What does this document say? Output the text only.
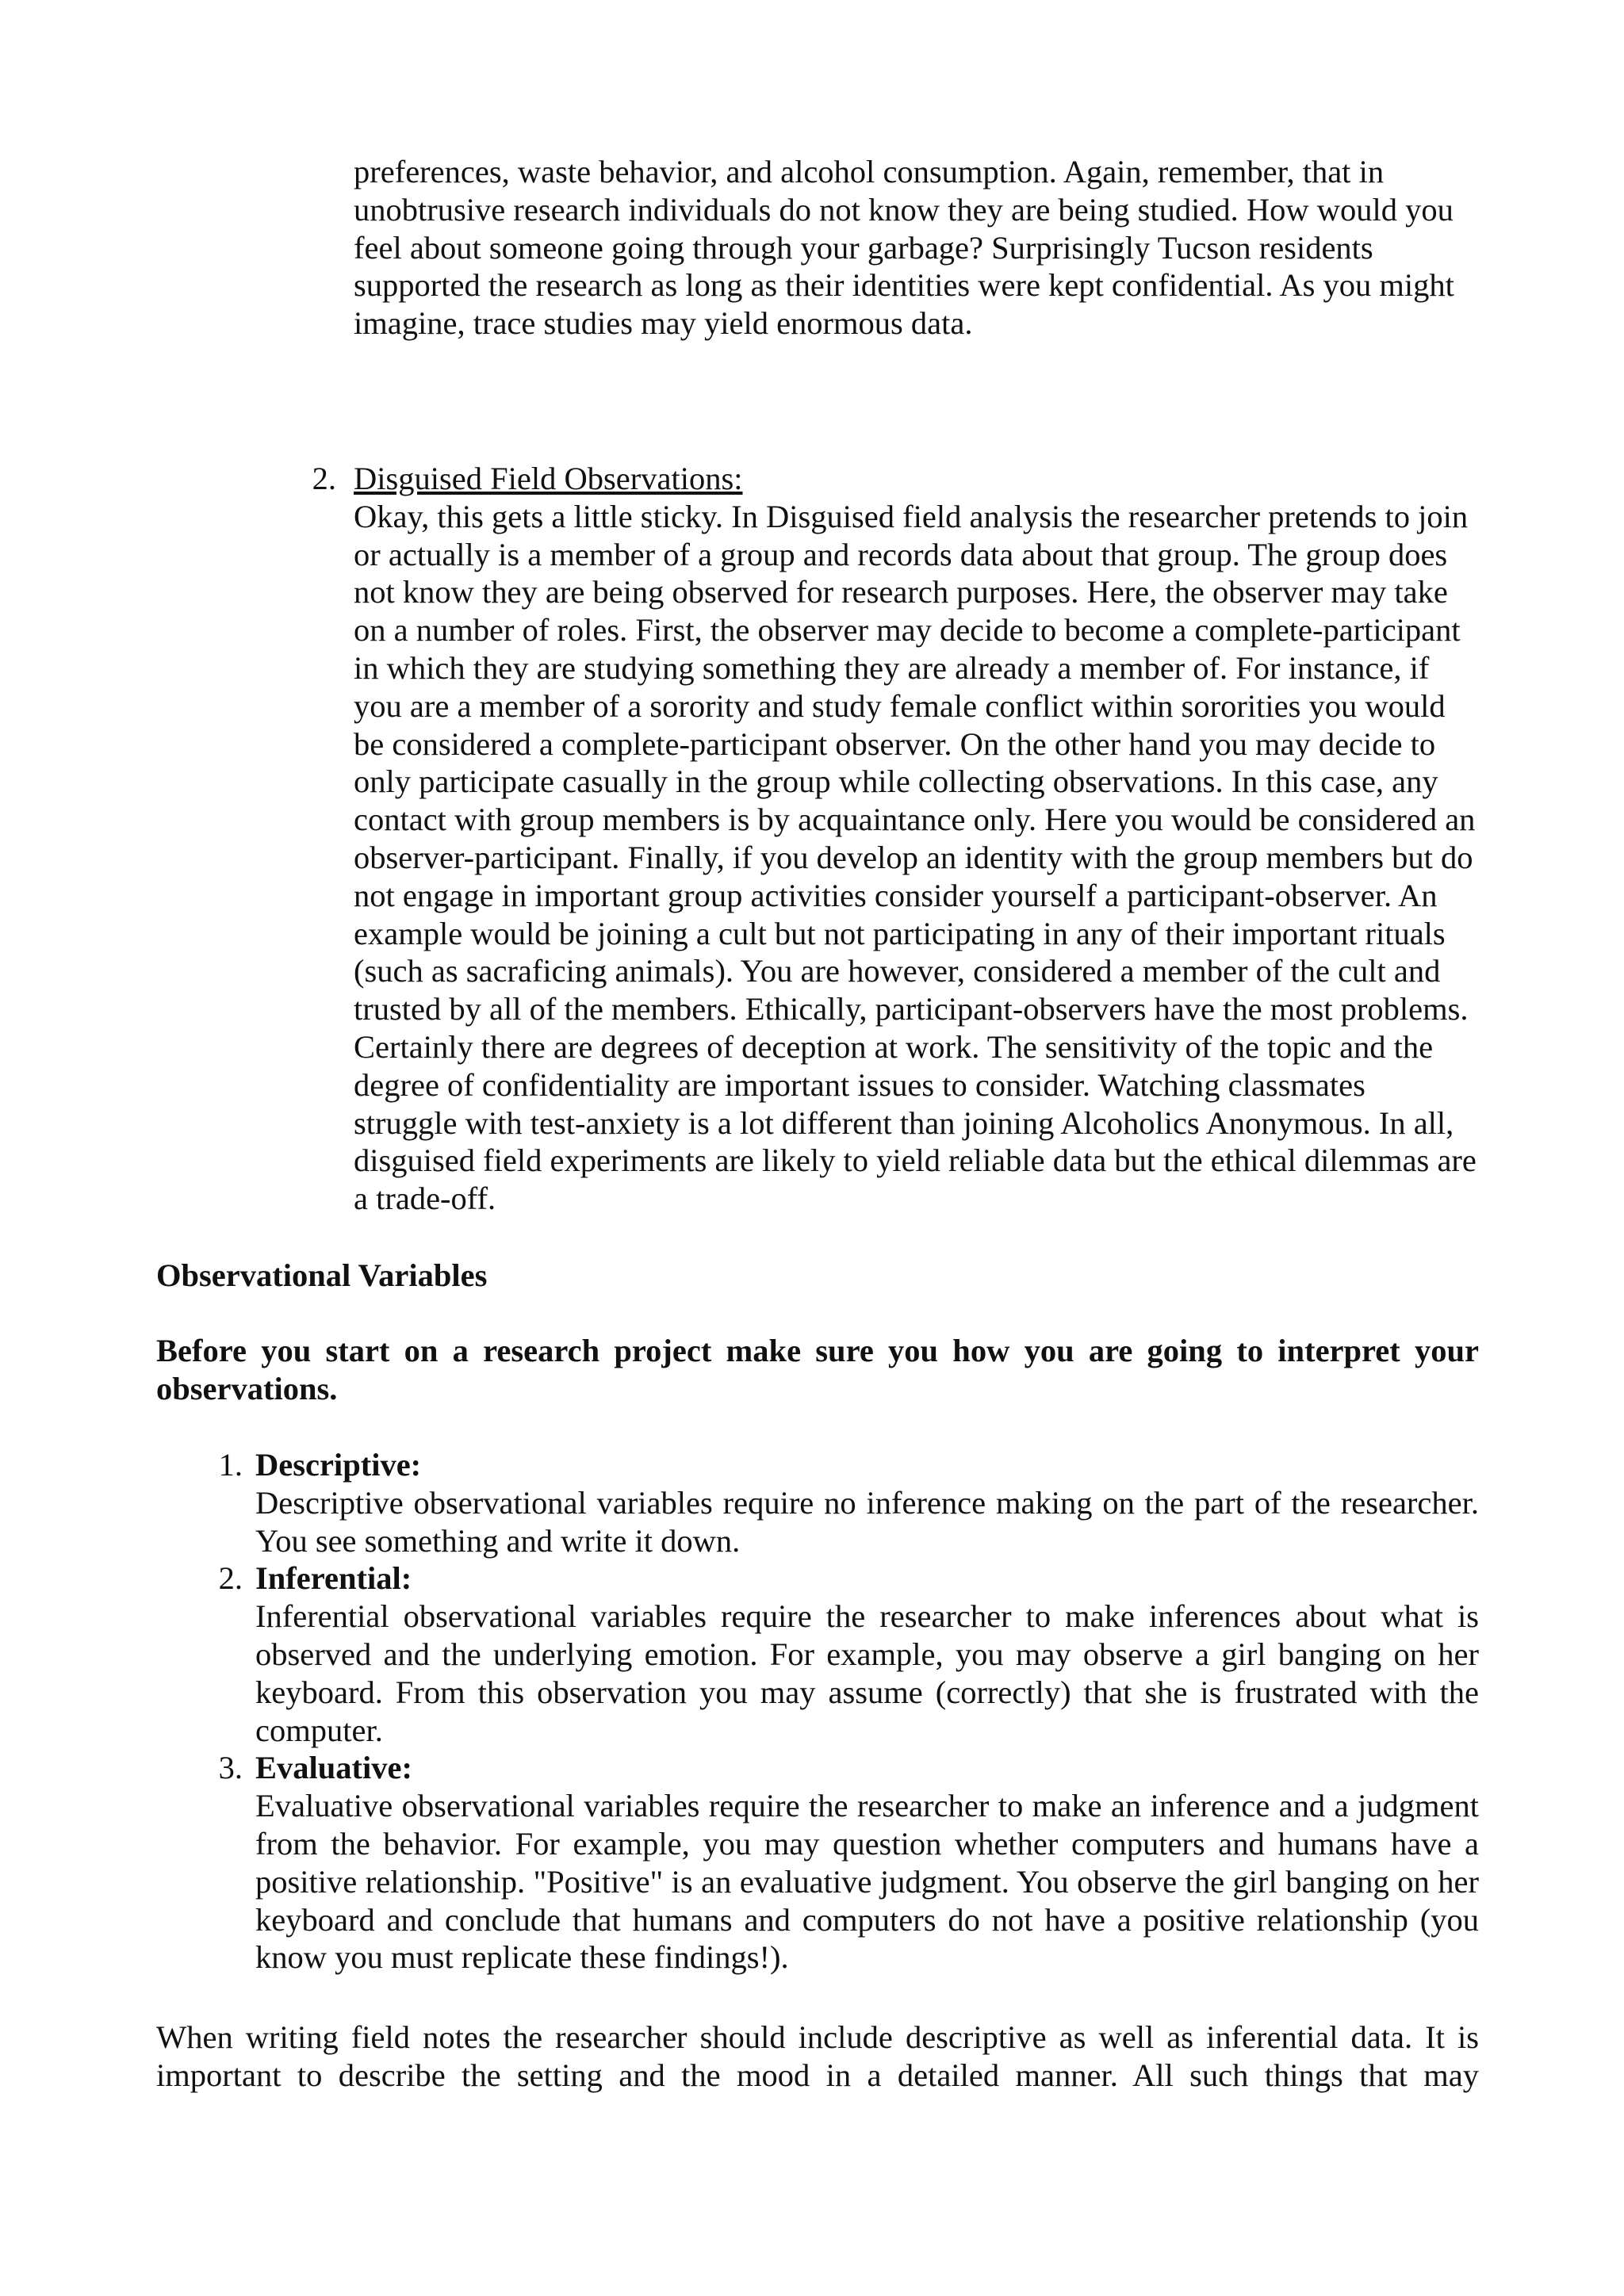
preferences, waste behavior, and alcohol consumption. Again, remember, that in unobtrusive research individuals do not know they are being studied. How would you feel about someone going through your garbage? Surprisingly Tucson residents supported the research as long as their identities were kept confidential. As you might imagine, trace studies may yield enormous data.

2. Disguised Field Observations:

Okay, this gets a little sticky. In Disguised field analysis the researcher pretends to join or actually is a member of a group and records data about that group. The group does not know they are being observed for research purposes. Here, the observer may take on a number of roles. First, the observer may decide to become a complete-participant in which they are studying something they are already a member of. For instance, if you are a member of a sorority and study female conflict within sororities you would be considered a complete-participant observer. On the other hand you may decide to only participate casually in the group while collecting observations. In this case, any contact with group members is by acquaintance only. Here you would be considered an observer-participant. Finally, if you develop an identity with the group members but do not engage in important group activities consider yourself a participant-observer. An example would be joining a cult but not participating in any of their important rituals (such as sacraficing animals). You are however, considered a member of the cult and trusted by all of the members. Ethically, participant-observers have the most problems. Certainly there are degrees of deception at work. The sensitivity of the topic and the degree of confidentiality are important issues to consider. Watching classmates struggle with test-anxiety is a lot different than joining Alcoholics Anonymous. In all, disguised field experiments are likely to yield reliable data but the ethical dilemmas are a trade-off.

Observational Variables
Before you start on a research project make sure you how you are going to interpret your observations.
1. Descriptive:
Descriptive observational variables require no inference making on the part of the researcher. You see something and write it down.
2. Inferential:
Inferential observational variables require the researcher to make inferences about what is observed and the underlying emotion. For example, you may observe a girl banging on her keyboard. From this observation you may assume (correctly) that she is frustrated with the computer.
3. Evaluative:
Evaluative observational variables require the researcher to make an inference and a judgment from the behavior. For example, you may question whether computers and humans have a positive relationship. "Positive" is an evaluative judgment. You observe the girl banging on her keyboard and conclude that humans and computers do not have a positive relationship (you know you must replicate these findings!).
When writing field notes the researcher should include descriptive as well as inferential data. It is important to describe the setting and the mood in a detailed manner. All such things that may
